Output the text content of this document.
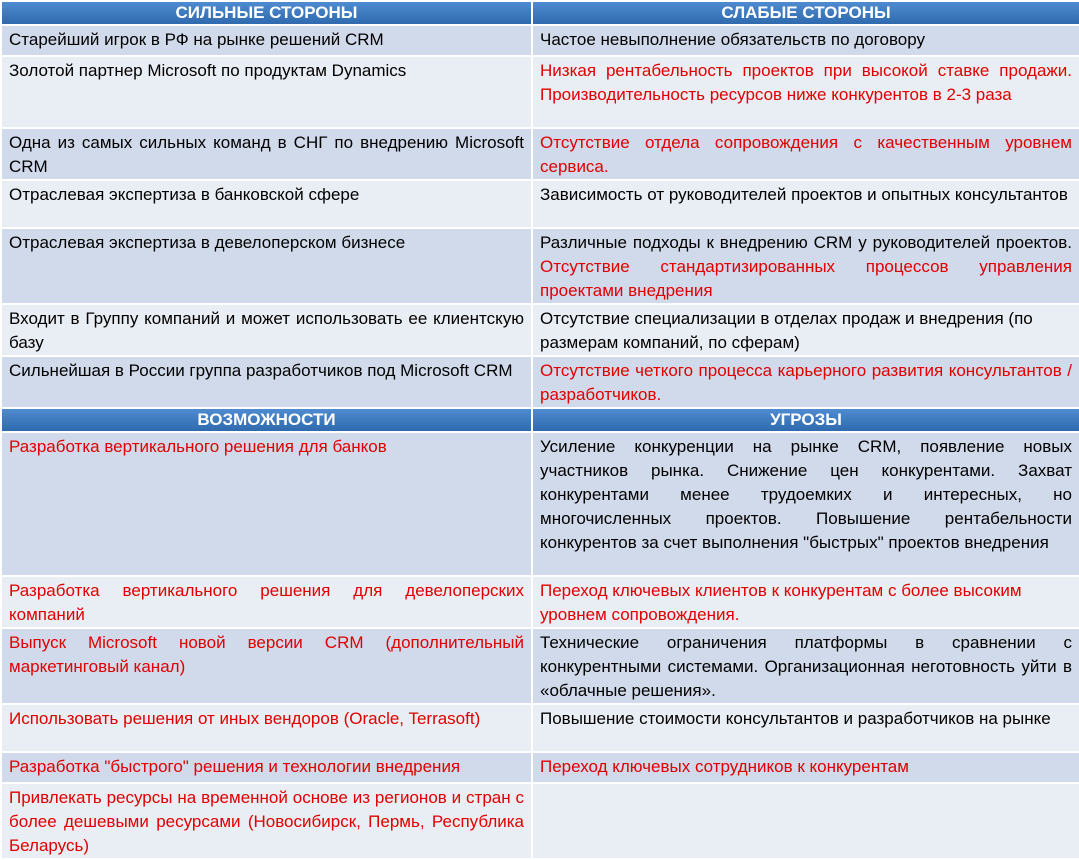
СИЛЬНЫЕ СТОРОНЫ	СЛАБЫЕ СТОРОНЫ
Старейший игрок в РФ на рынке решений CRM	Частое невыполнение обязательств по договору
Золотой партнер Microsoft по продуктам Dynamics	Низкая рентабельность проектов при высокой ставке продажи. Производительность ресурсов ниже конкурентов в 2-3 раза
Одна из самых сильных команд в СНГ по внедрению Microsoft CRM	Отсутствие отдела сопровождения с качественным уровнем сервиса.
Отраслевая экспертиза в банковской сфере	Зависимость от руководителей проектов и опытных консультантов
Отраслевая экспертиза в девелоперском бизнесе	Различные подходы к внедрению CRM у руководителей проектов. Отсутствие стандартизированных процессов управления проектами внедрения
Входит в Группу компаний и может использовать ее клиентскую базу	Отсутствие специализации в отделах продаж и внедрения (по размерам компаний, по сферам)
Сильнейшая в России группа разработчиков под Microsoft CRM	Отсутствие четкого процесса карьерного развития консультантов / разработчиков.
ВОЗМОЖНОСТИ	УГРОЗЫ
Разработка вертикального решения для банков	Усиление конкуренции на рынке CRM, появление новых участников рынка. Снижение цен конкурентами. Захват конкурентами менее трудоемких и интересных, но многочисленных проектов. Повышение рентабельности конкурентов за счет выполнения "быстрых" проектов внедрения
Разработка вертикального решения для девелоперских компаний	Переход ключевых клиентов к конкурентам с более высоким уровнем сопровождения.
Выпуск Microsoft новой версии CRM (дополнительный маркетинговый канал)	Технические ограничения платформы в сравнении с конкурентными системами. Организационная неготовность уйти в «облачные решения».
Использовать решения от иных вендоров (Oracle, Terrasoft)	Повышение стоимости консультантов и разработчиков на рынке
Разработка "быстрого" решения и технологии внедрения	Переход ключевых сотрудников к конкурентам
Привлекать ресурсы на временной основе из регионов и стран с более дешевыми ресурсами (Новосибирск, Пермь, Республика Беларусь)	
